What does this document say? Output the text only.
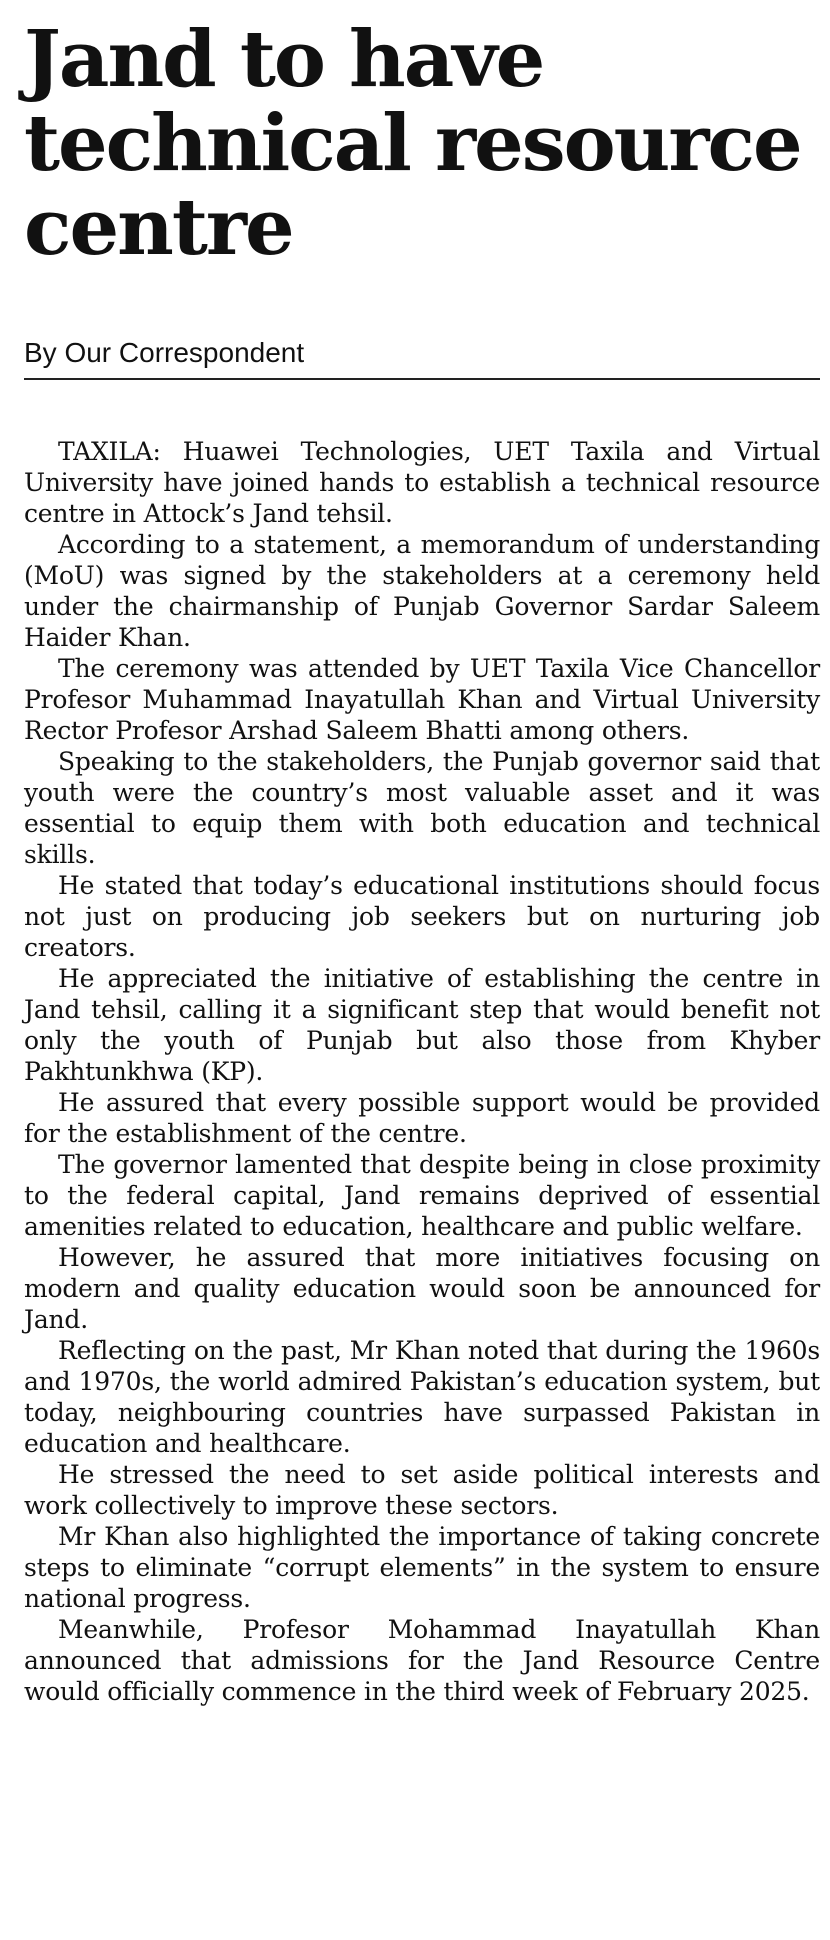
Jand to have technical resource centre
By Our Correspondent

TAXILA: Huawei Technologies, UET Taxila and Virtual University have joined hands to establish a technical resource centre in Attock’s Jand tehsil.

According to a statement, a memorandum of understanding (MoU) was signed by the stakeholders at a ceremony held under the chairmanship of Punjab Governor Sardar Saleem Haider Khan.

The ceremony was attended by UET Taxila Vice Chancellor Profesor Muhammad Inayatullah Khan and Virtual University Rector Profesor Arshad Saleem Bhatti among others.

Speaking to the stakeholders, the Punjab governor said that youth were the country’s most valuable asset and it was essential to equip them with both education and technical skills.

He stated that today’s educational institutions should focus not just on producing job seekers but on nurturing job creators.

He appreciated the initiative of establishing the centre in Jand tehsil, calling it a significant step that would benefit not only the youth of Punjab but also those from Khyber Pakhtunkhwa (KP).

He assured that every possible support would be provided for the establishment of the centre.

The governor lamented that despite being in close proximity to the federal capital, Jand remains deprived of essential amenities related to education, healthcare and public welfare.

However, he assured that more initiatives focusing on modern and quality education would soon be announced for Jand.

Reflecting on the past, Mr Khan noted that during the 1960s and 1970s, the world admired Pakistan’s education system, but today, neighbouring countries have surpassed Pakistan in education and healthcare.

He stressed the need to set aside political interests and work collectively to improve these sectors.

Mr Khan also highlighted the importance of taking concrete steps to eliminate “corrupt elements” in the system to ensure national progress.

Meanwhile, Profesor Mohammad Inayatullah Khan announced that admissions for the Jand Resource Centre would officially commence in the third week of February 2025.
